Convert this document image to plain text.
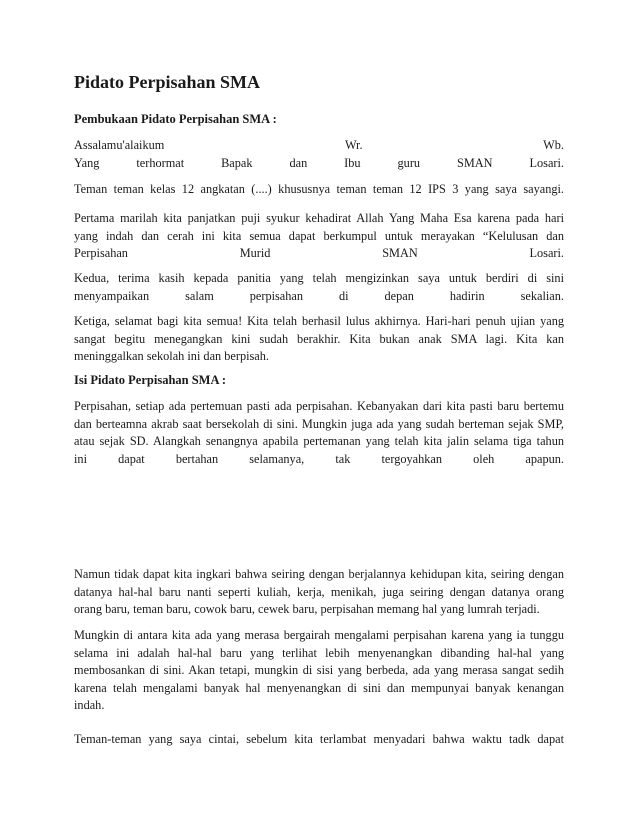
Pidato Perpisahan SMA
Pembukaan Pidato Perpisahan SMA :
Assalamu'alaikum Wr. Wb.
Yang terhormat Bapak dan Ibu guru SMAN Losari.
Teman teman kelas 12 angkatan (....) khususnya teman teman 12 IPS 3 yang saya sayangi.
Pertama marilah kita panjatkan puji syukur kehadirat Allah Yang Maha Esa karena pada hari
yang indah dan cerah ini kita semua dapat berkumpul untuk merayakan “Kelulusan dan
Perpisahan Murid SMAN Losari.
Kedua, terima kasih kepada panitia yang telah mengizinkan saya untuk berdiri di sini
menyampaikan salam perpisahan di depan hadirin sekalian.
Ketiga, selamat bagi kita semua! Kita telah berhasil lulus akhirnya. Hari-hari penuh ujian yang
sangat begitu menegangkan kini sudah berakhir. Kita bukan anak SMA lagi. Kita kan
meninggalkan sekolah ini dan berpisah.
Isi Pidato Perpisahan SMA :
Perpisahan, setiap ada pertemuan pasti ada perpisahan. Kebanyakan dari kita pasti baru bertemu
dan berteamna akrab saat bersekolah di sini. Mungkin juga ada yang sudah berteman sejak SMP,
atau sejak SD. Alangkah senangnya apabila pertemanan yang telah kita jalin selama tiga tahun
ini dapat bertahan selamanya, tak tergoyahkan oleh apapun.
Namun tidak dapat kita ingkari bahwa seiring dengan berjalannya kehidupan kita, seiring dengan
datanya hal-hal baru nanti seperti kuliah, kerja, menikah, juga seiring dengan datanya orang
orang baru, teman baru, cowok baru, cewek baru, perpisahan memang hal yang lumrah terjadi.
Mungkin di antara kita ada yang merasa bergairah mengalami perpisahan karena yang ia tunggu
selama ini adalah hal-hal baru yang terlihat lebih menyenangkan dibanding hal-hal yang
membosankan di sini. Akan tetapi, mungkin di sisi yang berbeda, ada yang merasa sangat sedih
karena telah mengalami banyak hal menyenangkan di sini dan mempunyai banyak kenangan
indah.
Teman-teman yang saya cintai, sebelum kita terlambat menyadari bahwa waktu tadk dapat
